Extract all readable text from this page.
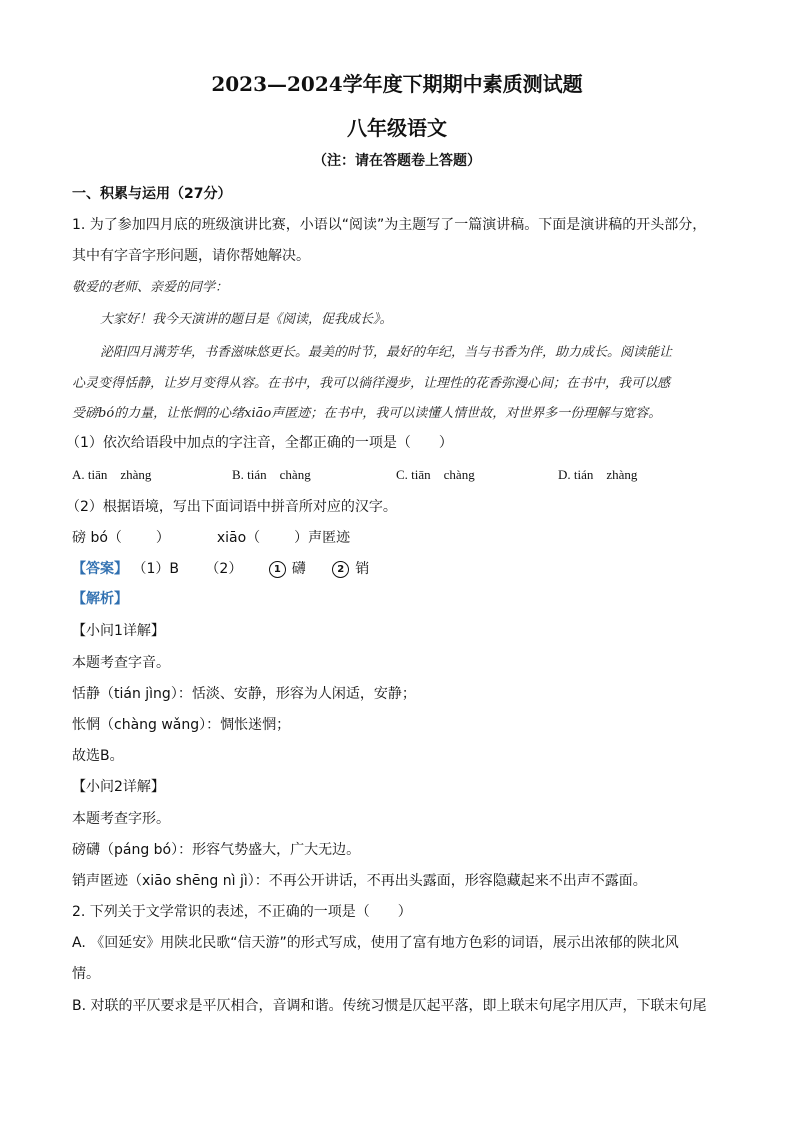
2023—2024学年度下期期中素质测试题
八年级语文
（注：请在答题卷上答题）
一、积累与运用（27分）
1. 为了参加四月底的班级演讲比赛，小语以“阅读”为主题写了一篇演讲稿。下面是演讲稿的开头部分，
其中有字音字形问题，请你帮她解决。
敬爱的老师、亲爱的同学：
大家好！我今天演讲的题目是《阅读，促我成长》。
泌阳四月满芳华，书香滋味悠更长。最美的时节，最好的年纪，当与书香为伴，助力成长。阅读能让
心灵变得恬静，让岁月变得从容。在书中，我可以徜徉漫步，让理性的花香弥漫心间；在书中，我可以感
受磅bó的力量，让怅惘的心绪xiāo声匿迹；在书中，我可以读懂人情世故，对世界多一份理解与宽容。
（1）依次给语段中加点的字注音，全都正确的一项是（　　）
A. tiān　zhàng	B. tián　chàng	C. tiān　chàng	D. tián　zhàng
（2）根据语境，写出下面词语中拼音所对应的汉字。
磅 bó（ ）	xiāo（ ）声匿迹
【答案】 （1）B （2）	1 礴	2 销
【解析】
【小问1详解】
本题考查字音。
恬静（tián jìng）：恬淡、安静，形容为人闲适，安静；
怅惘（chàng wǎng）：惆怅迷惘；
故选B。
【小问2详解】
本题考查字形。
磅礴（páng bó）：形容气势盛大，广大无边。
销声匿迹（xiāo shēng nì jì）：不再公开讲话，不再出头露面，形容隐藏起来不出声不露面。
2. 下列关于文学常识的表述，不正确的一项是（　　）
A. 《回延安》用陕北民歌“信天游”的形式写成，使用了富有地方色彩的词语，展示出浓郁的陕北风
情。
B. 对联的平仄要求是平仄相合，音调和谐。传统习惯是仄起平落，即上联末句尾字用仄声，下联末句尾
